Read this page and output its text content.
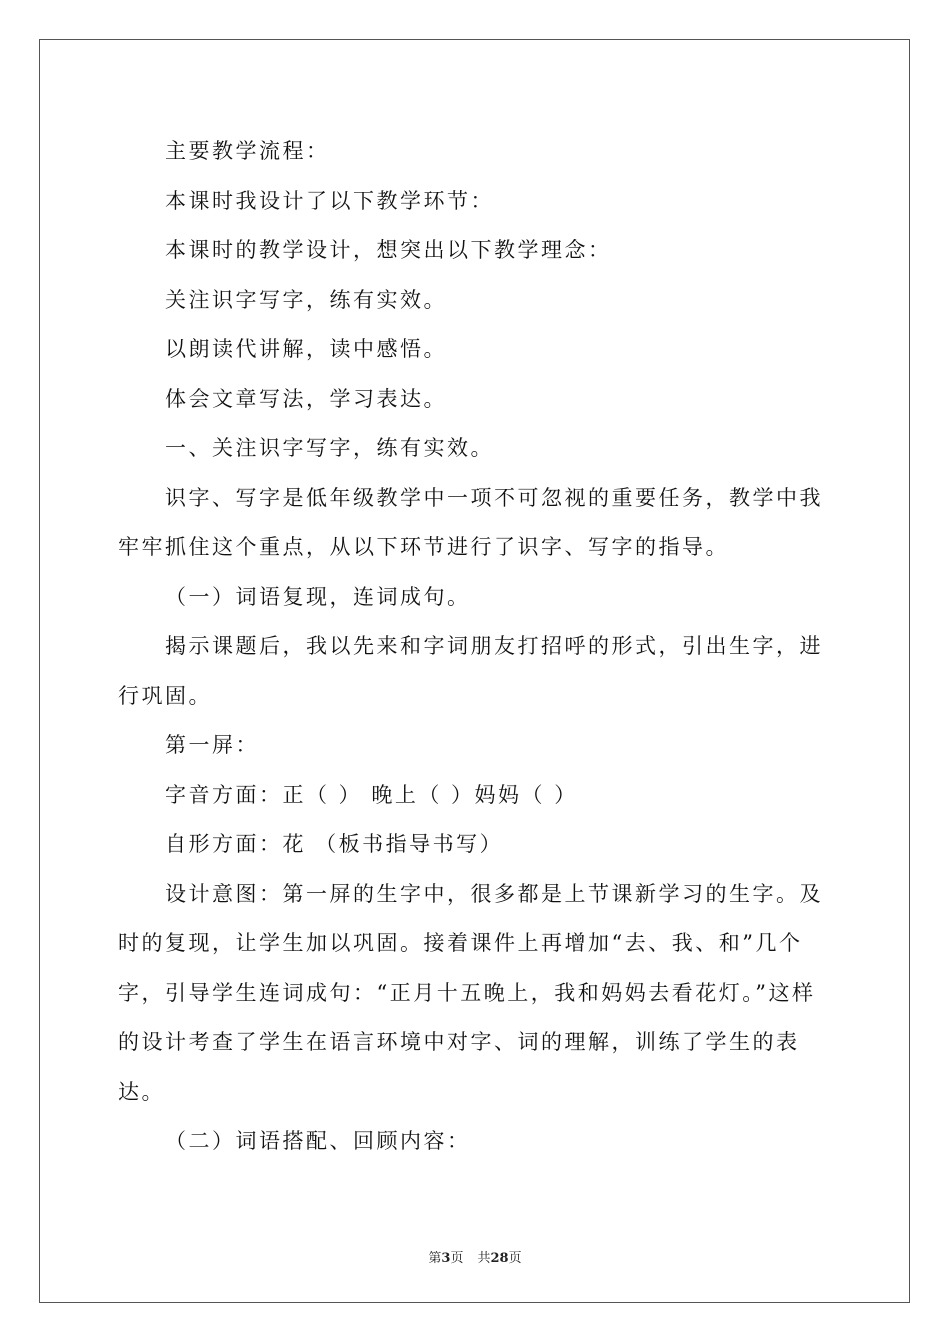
主要教学流程：

本课时我设计了以下教学环节：

本课时的教学设计，想突出以下教学理念：

关注识字写字，练有实效。

以朗读代讲解，读中感悟。

体会文章写法，学习表达。

一、关注识字写字，练有实效。

识字、写字是低年级教学中一项不可忽视的重要任务，教学中我牢牢抓住这个重点，从以下环节进行了识字、写字的指导。

（一）词语复现，连词成句。

揭示课题后，我以先来和字词朋友打招呼的形式，引出生字，进行巩固。

第一屏：

字音方面：正（ ） 晚上（ ）妈妈（ ）

自形方面：花 （板书指导书写）

设计意图：第一屏的生字中，很多都是上节课新学习的生字。及时的复现，让学生加以巩固。接着课件上再增加“去、我、和”几个字，引导学生连词成句：“正月十五晚上，我和妈妈去看花灯。”这样的设计考查了学生在语言环境中对字、词的理解，训练了学生的表达。

（二）词语搭配、回顾内容：

第3页 共28页
